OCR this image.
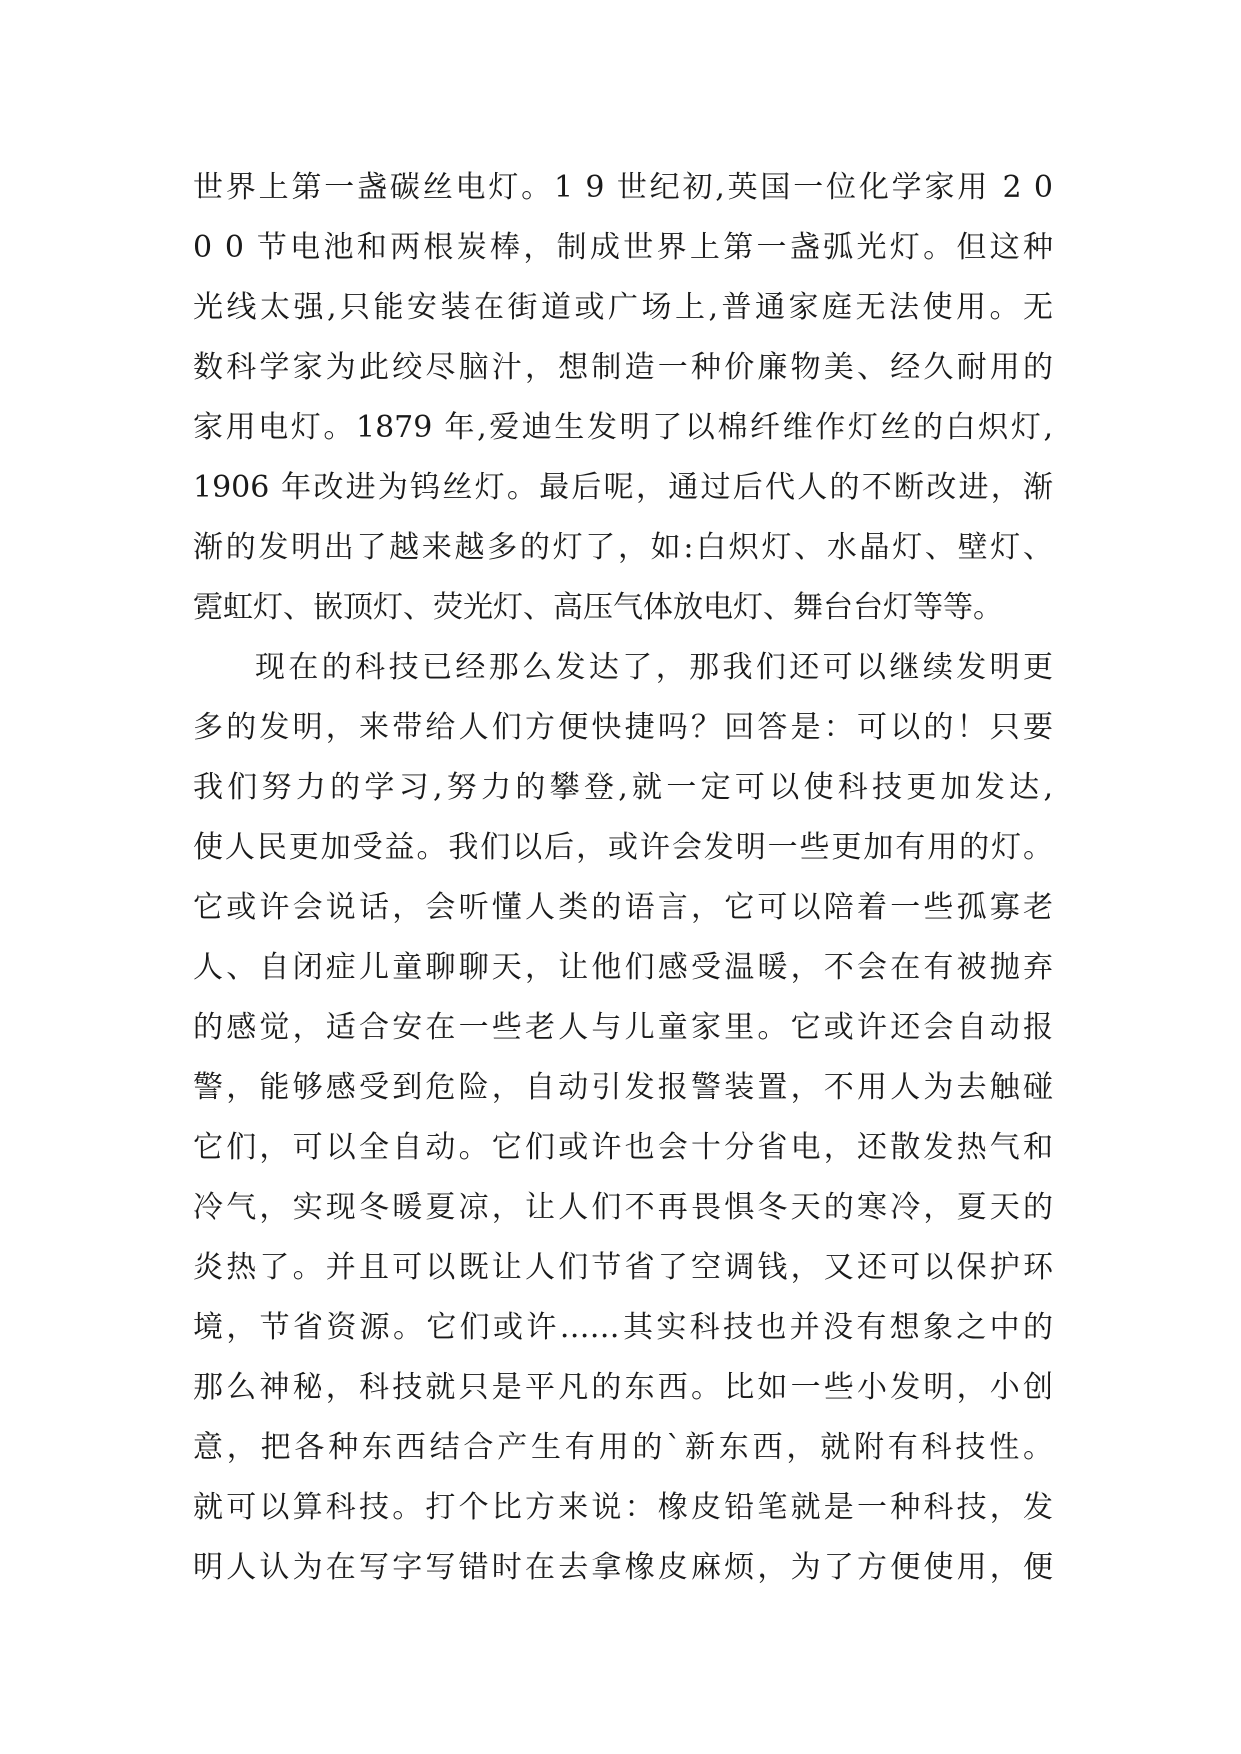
世界上第一盏碳丝电灯。1 9 世纪初,英国一位化学家用 2 0
0 0 节电池和两根炭棒，制成世界上第一盏弧光灯。但这种
光线太强,只能安装在街道或广场上,普通家庭无法使用。无
数科学家为此绞尽脑汁，想制造一种价廉物美、经久耐用的
家用电灯。1879 年,爱迪生发明了以棉纤维作灯丝的白炽灯,
1906 年改进为钨丝灯。最后呢，通过后代人的不断改进，渐
渐的发明出了越来越多的灯了，如:白炽灯、水晶灯、壁灯、
霓虹灯、嵌顶灯、荧光灯、高压气体放电灯、舞台台灯等等。

现在的科技已经那么发达了，那我们还可以继续发明更
多的发明，来带给人们方便快捷吗？回答是：可以的！只要
我们努力的学习,努力的攀登,就一定可以使科技更加发达,
使人民更加受益。我们以后，或许会发明一些更加有用的灯。
它或许会说话，会听懂人类的语言，它可以陪着一些孤寡老
人、自闭症儿童聊聊天，让他们感受温暖，不会在有被抛弃
的感觉，适合安在一些老人与儿童家里。它或许还会自动报
警，能够感受到危险，自动引发报警装置，不用人为去触碰
它们，可以全自动。它们或许也会十分省电，还散发热气和
冷气，实现冬暖夏凉，让人们不再畏惧冬天的寒冷，夏天的
炎热了。并且可以既让人们节省了空调钱，又还可以保护环
境，节省资源。它们或许……其实科技也并没有想象之中的
那么神秘，科技就只是平凡的东西。比如一些小发明，小创
意，把各种东西结合产生有用的`新东西，就附有科技性。
就可以算科技。打个比方来说：橡皮铅笔就是一种科技，发
明人认为在写字写错时在去拿橡皮麻烦，为了方便使用，便
